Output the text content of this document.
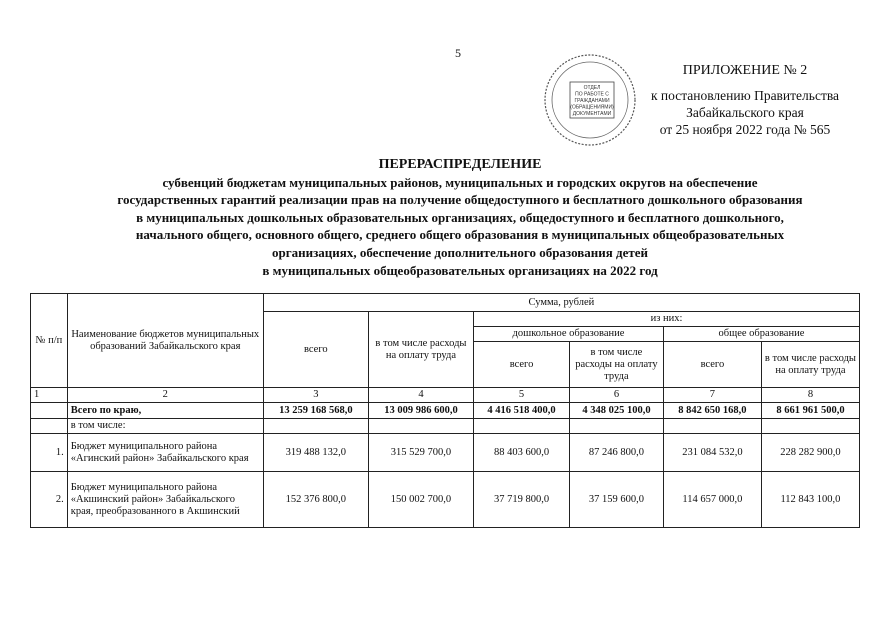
5
ОТДЕЛ
ПО РАБОТЕ С
ГРАЖДАНАМИ
(ОБРАЩЕНИЯМИ)
ДОКУМЕНТАМИ
ПРИЛОЖЕНИЕ № 2
к постановлению Правительства
Забайкальского края
от 25 ноября 2022 года № 565
ПЕРЕРАСПРЕДЕЛЕНИЕ
субвенций бюджетам муниципальных районов, муниципальных и городских округов на обеспечение
государственных гарантий реализации прав на получение общедоступного и бесплатного дошкольного образования
в муниципальных дошкольных образовательных организациях, общедоступного и бесплатного дошкольного,
начального общего, основного общего, среднего общего образования в муниципальных общеобразовательных
организациях, обеспечение дополнительного образования детей
в муниципальных общеобразовательных организациях на 2022 год
№ п/п	Наименование бюджетов муниципальных образований Забайкальского края	Сумма, рублей					
		всего	в том числе расходы на оплату труда	из них:			
				дошкольное образование		общее образование	
				всего	в том числе расходы на оплату труда	всего	в том числе расходы на оплату труда
1	2	3	4	5	6	7	8
	Всего по краю,	13 259 168 568,0	13 009 986 600,0	4 416 518 400,0	4 348 025 100,0	8 842 650 168,0	8 661 961 500,0
	в том числе:						
1.	Бюджет муниципального района «Агинский район» Забайкальского края	319 488 132,0	315 529 700,0	88 403 600,0	87 246 800,0	231 084 532,0	228 282 900,0
2.	Бюджет муниципального района «Акшинский район» Забайкальского края, преобразованного в Акшинский	152 376 800,0	150 002 700,0	37 719 800,0	37 159 600,0	114 657 000,0	112 843 100,0
